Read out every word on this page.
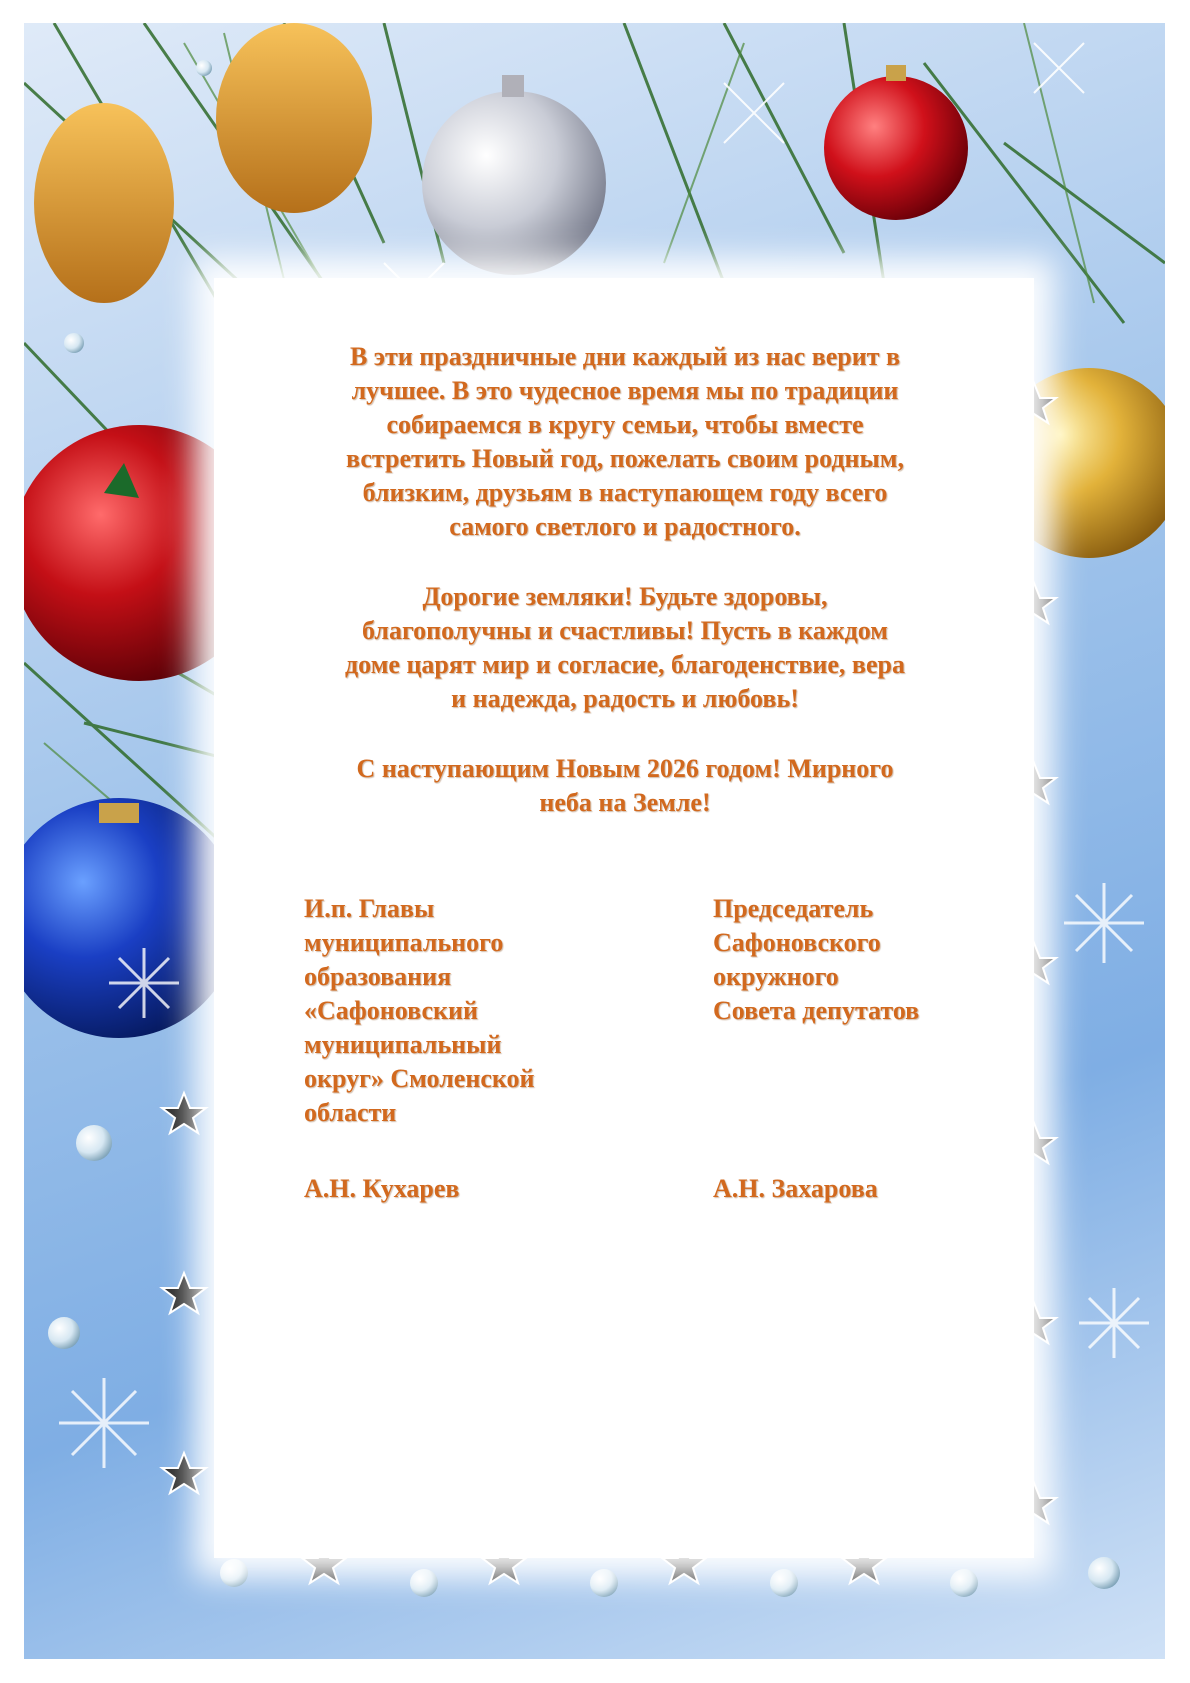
В эти праздничные дни каждый из нас верит в
лучшее. В это чудесное время мы по традиции
собираемся в кругу семьи, чтобы вместе
встретить Новый год, пожелать своим родным,
близким, друзьям в наступающем году всего
самого светлого и радостного.
Дорогие земляки! Будьте здоровы,
благополучны и счастливы! Пусть в каждом
доме царят мир и согласие, благоденствие, вера
и надежда, радость и любовь!
С наступающим Новым 2026 годом! Мирного
неба на Земле!
И.п. Главы
муниципального
образования
«Сафоновский
муниципальный
округ» Смоленской
области
Председатель
Сафоновского
окружного
Совета депутатов
А.Н. Кухарев	А.Н. Захарова
